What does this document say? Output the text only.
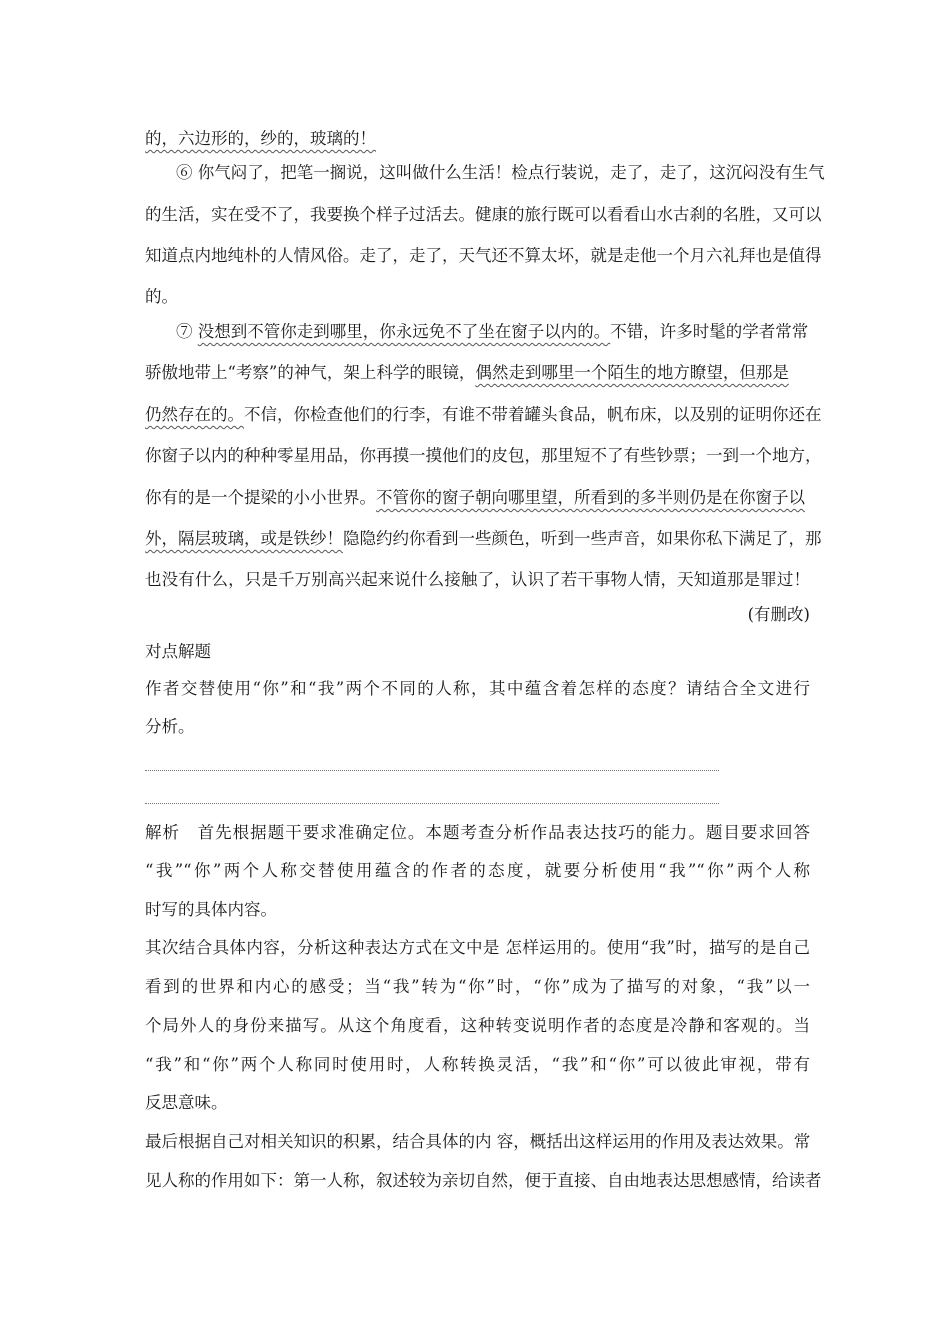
的，六边形的，纱的，玻璃的！
⑥ 你气闷了，把笔一搁说，这叫做什么生活！检点行装说，走了，走了，这沉闷没有生气
的生活，实在受不了，我要换个样子过活去。健康的旅行既可以看看山水古刹的名胜，又可以
知道点内地纯朴的人情风俗。走了，走了，天气还不算太坏，就是走他一个月六礼拜也是值得
的。
⑦ 没想到不管你走到哪里，你永远免不了坐在窗子以内的。不错，许多时髦的学者常常
骄傲地带上“考察”的神气，架上科学的眼镜，偶然走到哪里一个陌生的地方瞭望，但那是
仍然存在的。不信，你检查他们的行李，有谁不带着罐头食品，帆布床，以及别的证明你还在
你窗子以内的种种零星用品，你再摸一摸他们的皮包，那里短不了有些钞票；一到一个地方，
你有的是一个提梁的小小世界。不管你的窗子朝向哪里望，所看到的多半则仍是在你窗子以
外，隔层玻璃，或是铁纱！隐隐约约你看到一些颜色，听到一些声音，如果你私下满足了，那
也没有什么，只是千万别高兴起来说什么接触了，认识了若干事物人情，天知道那是罪过！
(有删改)
对点解题
作者交替使用“你”和“我”两个不同的人称，其中蕴含着怎样的态度？请结合全文进行
分析。
解析　首先根据题干要求准确定位。本题考查分析作品表达技巧的能力。题目要求回答
“我”“你”两个人称交替使用蕴含的作者的态度，就要分析使用“我”“你”两个人称
时写的具体内容。
其次结合具体内容，分析这种表达方式在文中是 怎样运用的。使用“我”时，描写的是自己
看到的世界和内心的感受；当“我”转为“你”时，“你”成为了描写的对象，“我”以一
个局外人的身份来描写。从这个角度看，这种转变说明作者的态度是冷静和客观的。当
“我”和“你”两个人称同时使用时，人称转换灵活，“我”和“你”可以彼此审视，带有
反思意味。
最后根据自己对相关知识的积累，结合具体的内 容，概括出这样运用的作用及表达效果。常
见人称的作用如下：第一人称，叙述较为亲切自然，便于直接、自由地表达思想感情，给读者
